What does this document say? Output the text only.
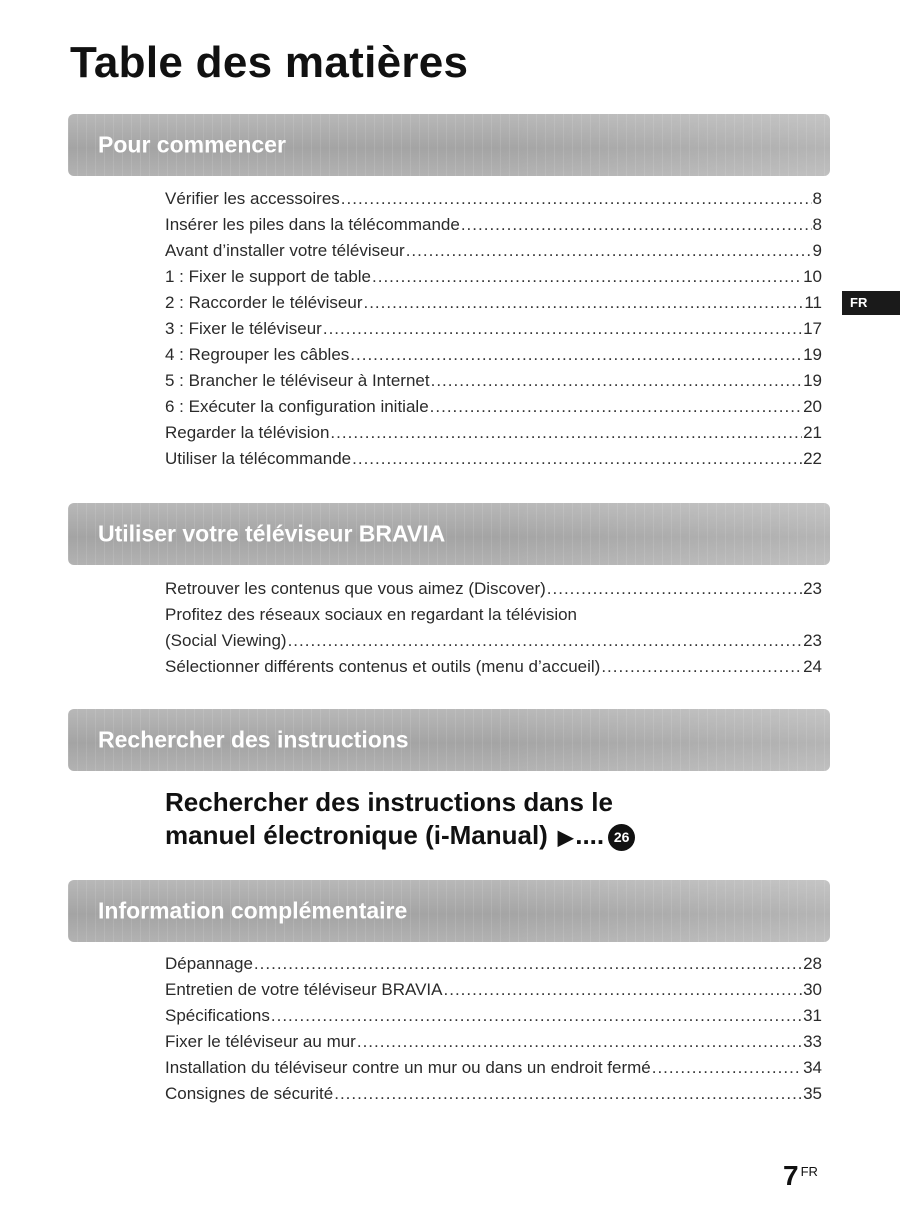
Table des matières
FR
Pour commencer
Vérifier les accessoires .....	8
Insérer les piles dans la télécommande .....	8
Avant d’installer votre téléviseur .....	9
1 : Fixer le support de table .....	10
2 : Raccorder le téléviseur .....	11
3 : Fixer le téléviseur .....	17
4 : Regrouper les câbles .....	19
5 : Brancher le téléviseur à Internet .....	19
6 : Exécuter la configuration initiale .....	20
Regarder la télévision .....	21
Utiliser la télécommande .....	22
Utiliser votre téléviseur BRAVIA
Retrouver les contenus que vous aimez (Discover) .....	23
Profitez des réseaux sociaux en regardant la télévision
(Social Viewing) .....	23
Sélectionner différents contenus et outils (menu d’accueil) .....	24
Rechercher des instructions
Rechercher des instructions dans le
manuel électronique (i-Manual) ▶.... 26
Information complémentaire
Dépannage .....	28
Entretien de votre téléviseur BRAVIA .....	30
Spécifications .....	31
Fixer le téléviseur au mur .....	33
Installation du téléviseur contre un mur ou dans un endroit fermé .....	34
Consignes de sécurité .....	35
7 $^{FR}$
